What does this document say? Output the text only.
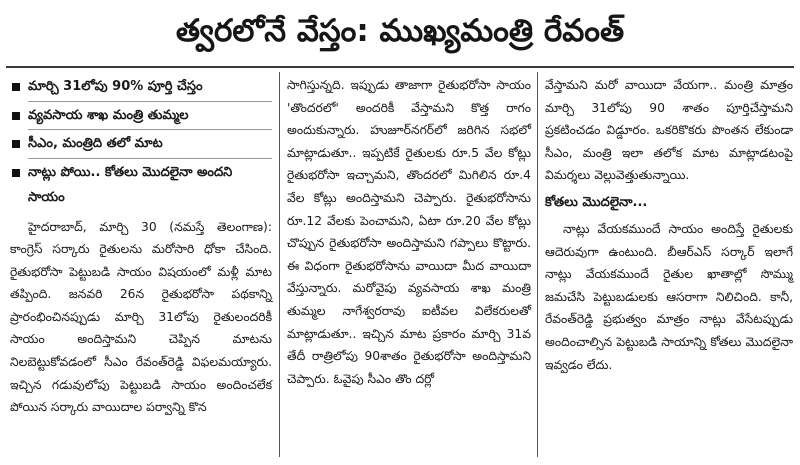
త్వరలోనే వేస్తం: ముఖ్యమంత్రి రేవంత్
మార్చి 31లోపు 90% పూర్తి చేస్తం
వ్యవసాయ శాఖ మంత్రి తుమ్మల
సీఎం, మంత్రిది తలో మాట
నాట్లు పోయి.. కోతలు మొదలైనా అందని సాయం

హైదరాబాద్, మార్చి 30 (నమస్తే తెలంగాణ): కాంగ్రెస్ సర్కారు రైతులను మరోసారి ధోకా చేసింది. రైతుభరోసా పెట్టుబడి సాయం విషయంలో మళ్లీ మాట తప్పింది. జనవరి 26న రైతుభరోసా పథకాన్ని ప్రారంభించినప్పుడు మార్చి 31లోపు రైతులందరికీ సాయం అందిస్తామని చెప్పిన మాటను నిలబెట్టుకోవడంలో సీఎం రేవంత్‌రెడ్డి విఫలమయ్యారు. ఇచ్చిన గడువులోపు పెట్టుబడి సాయం అందించలేక పోయిన సర్కారు వాయిదాల పర్వాన్ని కొన

సాగిస్తున్నది. ఇప్పుడు తాజాగా రైతుభరోసా సాయం 'తొందరలో' అందరికీ వేస్తామని కొత్త రాగం అందుకున్నారు. హుజూర్‌నగర్‌లో జరిగిన సభలో మాట్లాడుతూ.. ఇప్పటికే రైతులకు రూ.5 వేల కోట్లు రైతుభరోసా ఇచ్చామని, తొందరలో మిగిలిన రూ.4 వేల కోట్లు అందిస్తామని చెప్పారు. రైతుభరోసాను రూ.12 వేలకు పెంచామని, ఏటా రూ.20 వేల కోట్లు చొప్పున రైతుభరోసా అందిస్తామని గప్పాలు కొట్టారు. ఈ విధంగా రైతుభరోసాను వాయిదా మీద వాయిదా వేస్తున్నారు. మరోవైపు వ్యవసాయ శాఖ మంత్రి తుమ్మల నాగేశ్వరరావు ఐటీవల విలేకరులతో మాట్లాడుతూ.. ఇచ్చిన మాట ప్రకారం మార్చి 31వ తేదీ రాత్రిలోపు 90శాతం రైతుభరోసా అందిస్తామని చెప్పారు. ఓవైపు సీఎం తొం దర్లో

వేస్తామని మరో వాయిదా వేయగా.. మంత్రి మాత్రం మార్చి 31లోపు 90 శాతం పూర్తిచేస్తామని ప్రకటించడం విడ్డూరం. ఒకరికొకరు పొంతన లేకుండా సీఎం, మంత్రి ఇలా తలోక మాట మాట్లాడటంపై విమర్శలు వెల్లువెత్తుతున్నాయి.

కోతలు మొదలైనా...

నాట్లు వేయకముందే సాయం అందిస్తే రైతులకు ఆదెరువుగా ఉంటుంది. బీఆర్ఎస్ సర్కార్ ఇలాగే నాట్లు వేయకముందే రైతుల ఖాతాల్లో సొమ్ము జమచేసి పెట్టుబడులకు ఆసరాగా నిలిచింది. కానీ, రేవంత్‌రెడ్డి ప్రభుత్వం మాత్రం నాట్లు వేసేటప్పుడు అందించాల్సిన పెట్టుబడి సాయాన్ని కోతలు మొదలైనా ఇవ్వడం లేదు.
